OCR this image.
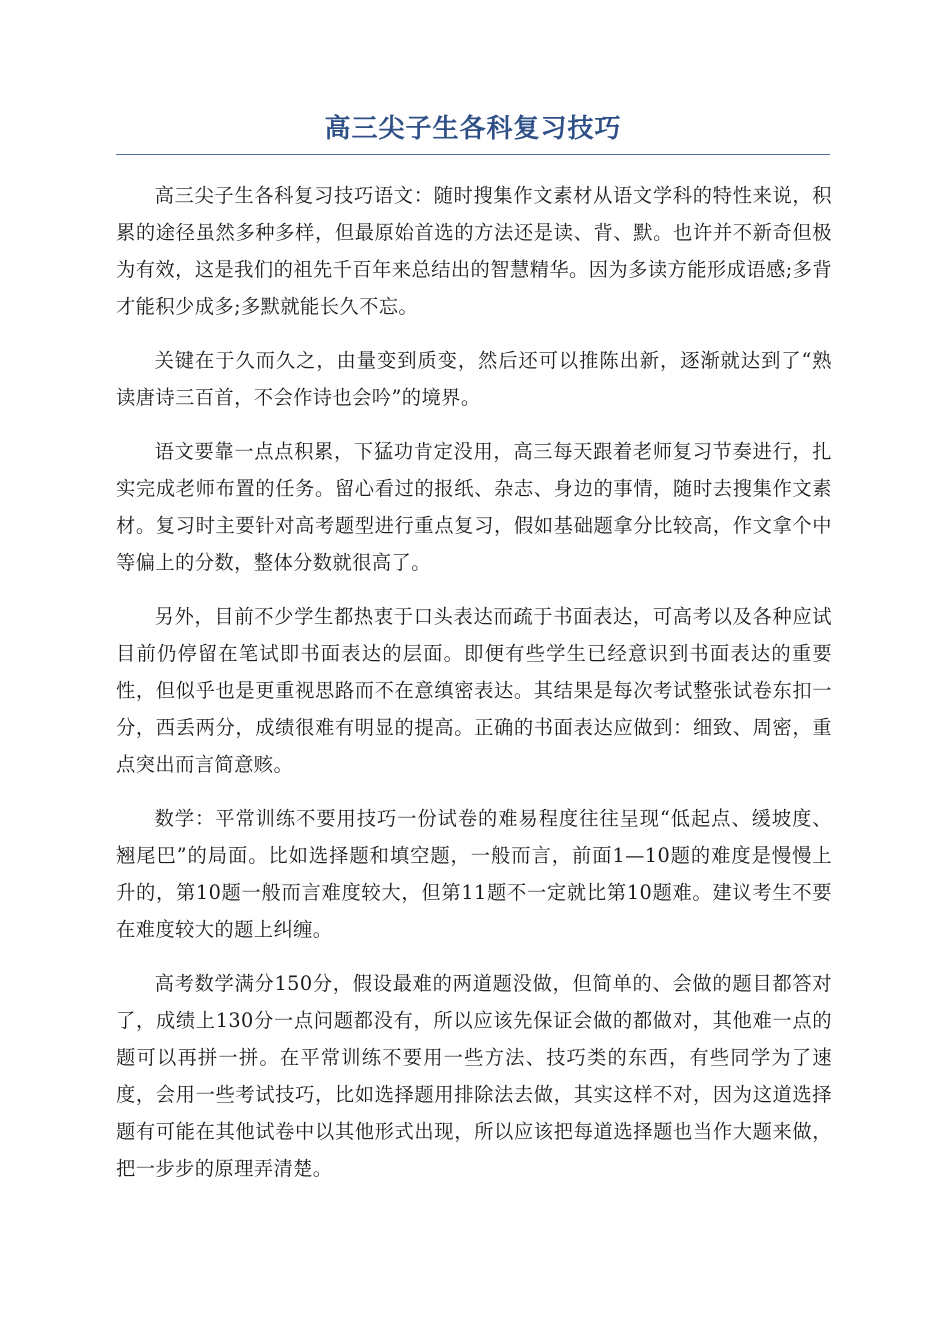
高三尖子生各科复习技巧

高三尖子生各科复习技巧语文：随时搜集作文素材从语文学科的特性来说，积累的途径虽然多种多样，但最原始首选的方法还是读、背、默。也许并不新奇但极为有效，这是我们的祖先千百年来总结出的智慧精华。因为多读方能形成语感;多背才能积少成多;多默就能长久不忘。

关键在于久而久之，由量变到质变，然后还可以推陈出新，逐渐就达到了“熟读唐诗三百首，不会作诗也会吟”的境界。

语文要靠一点点积累，下猛功肯定没用，高三每天跟着老师复习节奏进行，扎实完成老师布置的任务。留心看过的报纸、杂志、身边的事情，随时去搜集作文素材。复习时主要针对高考题型进行重点复习，假如基础题拿分比较高，作文拿个中等偏上的分数，整体分数就很高了。

另外，目前不少学生都热衷于口头表达而疏于书面表达，可高考以及各种应试目前仍停留在笔试即书面表达的层面。即便有些学生已经意识到书面表达的重要性，但似乎也是更重视思路而不在意缜密表达。其结果是每次考试整张试卷东扣一分，西丢两分，成绩很难有明显的提高。正确的书面表达应做到：细致、周密，重点突出而言简意赅。

数学：平常训练不要用技巧一份试卷的难易程度往往呈现“低起点、缓坡度、翘尾巴”的局面。比如选择题和填空题，一般而言，前面1—10题的难度是慢慢上升的，第10题一般而言难度较大，但第11题不一定就比第10题难。建议考生不要在难度较大的题上纠缠。

高考数学满分150分，假设最难的两道题没做，但简单的、会做的题目都答对了，成绩上130分一点问题都没有，所以应该先保证会做的都做对，其他难一点的题可以再拼一拼。在平常训练不要用一些方法、技巧类的东西，有些同学为了速度，会用一些考试技巧，比如选择题用排除法去做，其实这样不对，因为这道选择题有可能在其他试卷中以其他形式出现，所以应该把每道选择题也当作大题来做，把一步步的原理弄清楚。
